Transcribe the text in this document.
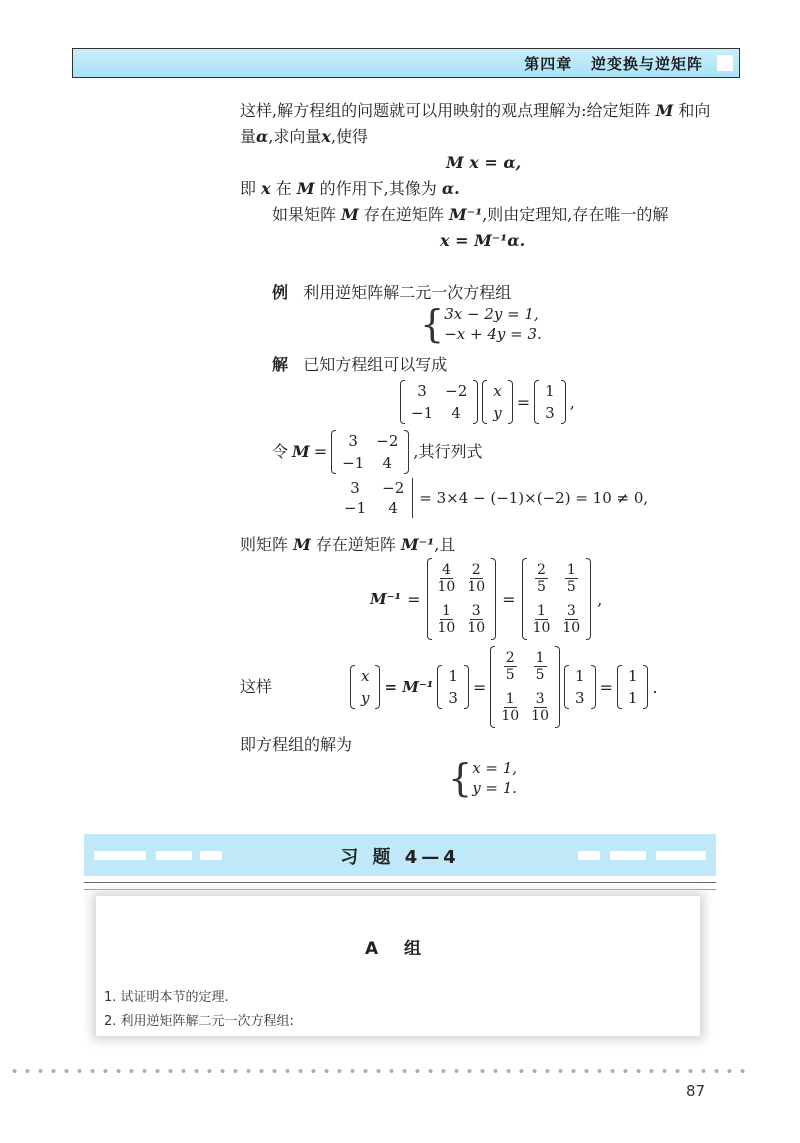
第四章 逆变换与逆矩阵
这样,解方程组的问题就可以用映射的观点理解为:给定矩阵 M 和向
量α,求向量x,使得
M x = α,
即 x 在 M 的作用下,其像为 α.
如果矩阵 M 存在逆矩阵 M⁻¹,则由定理知,存在唯一的解
x = M⁻¹α.
例 利用逆矩阵解二元一次方程组
{ 3x − 2y = 1,
−x + 4y = 3.
解 已知方程组可以写成
3	−2
−1	4
x
y
=
1
3
,
令 M =
3	−2
−1	4
,其行列式
3	−2
−1	4
= 3×4 − (−1)×(−2) = 10 ≠ 0,
则矩阵 M 存在逆矩阵 M⁻¹,且
M⁻¹ =
$\frac{4}{10}$	$\frac{2}{10}$

$\frac{1}{10}$	$\frac{3}{10}$
=
$\frac{2}{5}$	$\frac{1}{5}$

$\frac{1}{10}$	$\frac{3}{10}$
,
这样
x
y
= M⁻¹
1
3
=
$\frac{2}{5}$	$\frac{1}{5}$

$\frac{1}{10}$	$\frac{3}{10}$
1
3
=
1
1
.
即方程组的解为
{ x = 1,
y = 1.
习 题 4—4
A 组
1. 试证明本节的定理.
2. 利用逆矩阵解二元一次方程组:
87
